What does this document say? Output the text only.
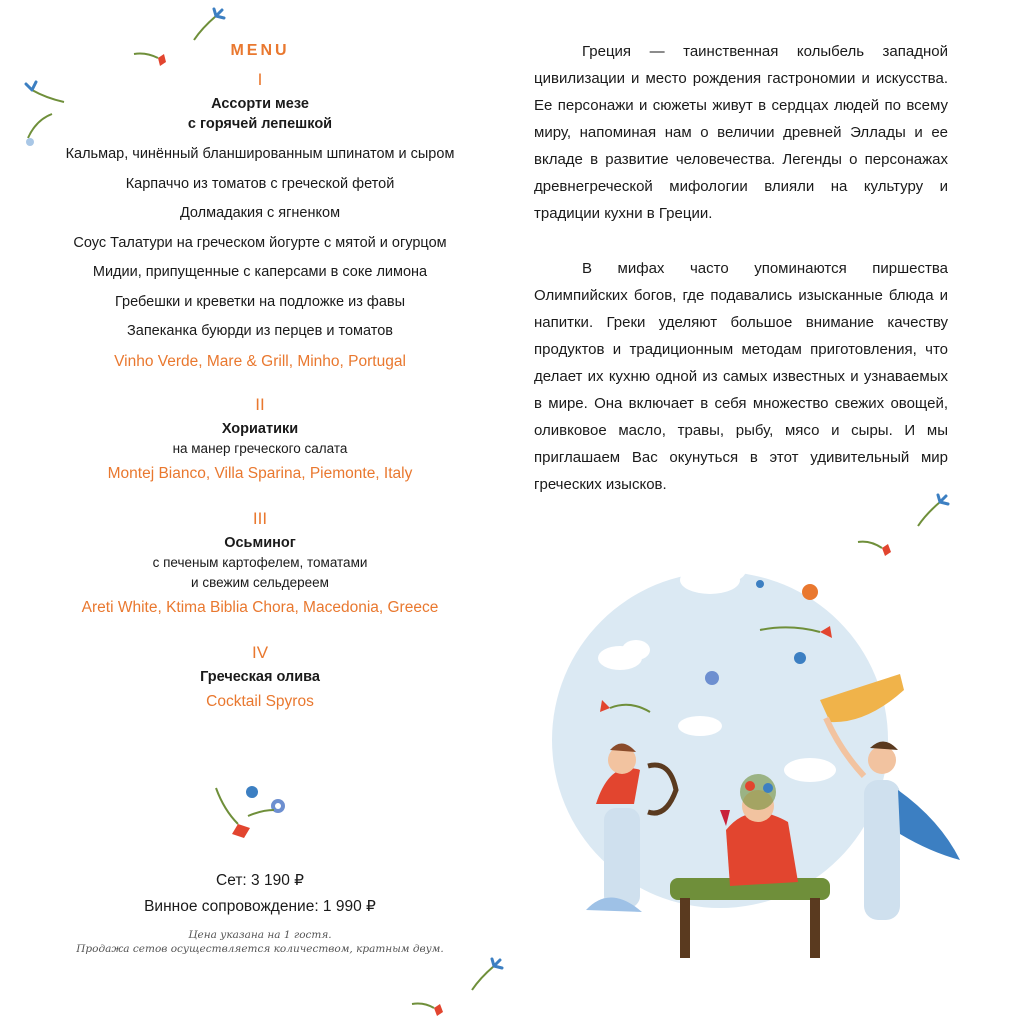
MENU
I
Ассорти мезе
с горячей лепешкой
Кальмар, чинённый бланшированным шпинатом и сыром
Карпаччо из томатов с греческой фетой
Долмадакия с ягненком
Соус Талатури на греческом йогурте с мятой и огурцом
Мидии, припущенные с каперсами в соке лимона
Гребешки и креветки на подложке из фавы
Запеканка буюрди из перцев и томатов
Vinho Verde, Mare & Grill, Minho, Portugal
II
Хориатики
на манер греческого салата
Montej Bianco, Villa Sparina, Piemonte, Italy
III
Осьминог
с печеным картофелем, томатами
и свежим сельдереем
Areti White, Ktima Biblia Chora, Macedonia, Greece
IV
Греческая олива
Cocktail Spyros
Сет: 3 190 ₽
Винное сопровождение: 1 990 ₽
Цена указана на 1 гостя.
Продажа сетов осуществляется количеством, кратным двум.

Греция — таинственная колыбель западной цивилизации и место рождения гастрономии и искусства. Ее персонажи и сюжеты живут в сердцах людей по всему миру, напоминая нам о величии древней Эллады и ее вкладе в развитие человечества. Легенды о персонажах древнегреческой мифологии влияли на культуру и традиции кухни в Греции.

В мифах часто упоминаются пиршества Олимпийских богов, где подавались изысканные блюда и напитки. Греки уделяют большое внимание качеству продуктов и традиционным методам приготовления, что делает их кухню одной из самых известных и узнаваемых в мире. Она включает в себя множество свежих овощей, оливковое масло, травы, рыбу, мясо и сыры. И мы приглашаем Вас окунуться в этот удивительный мир греческих изысков.
